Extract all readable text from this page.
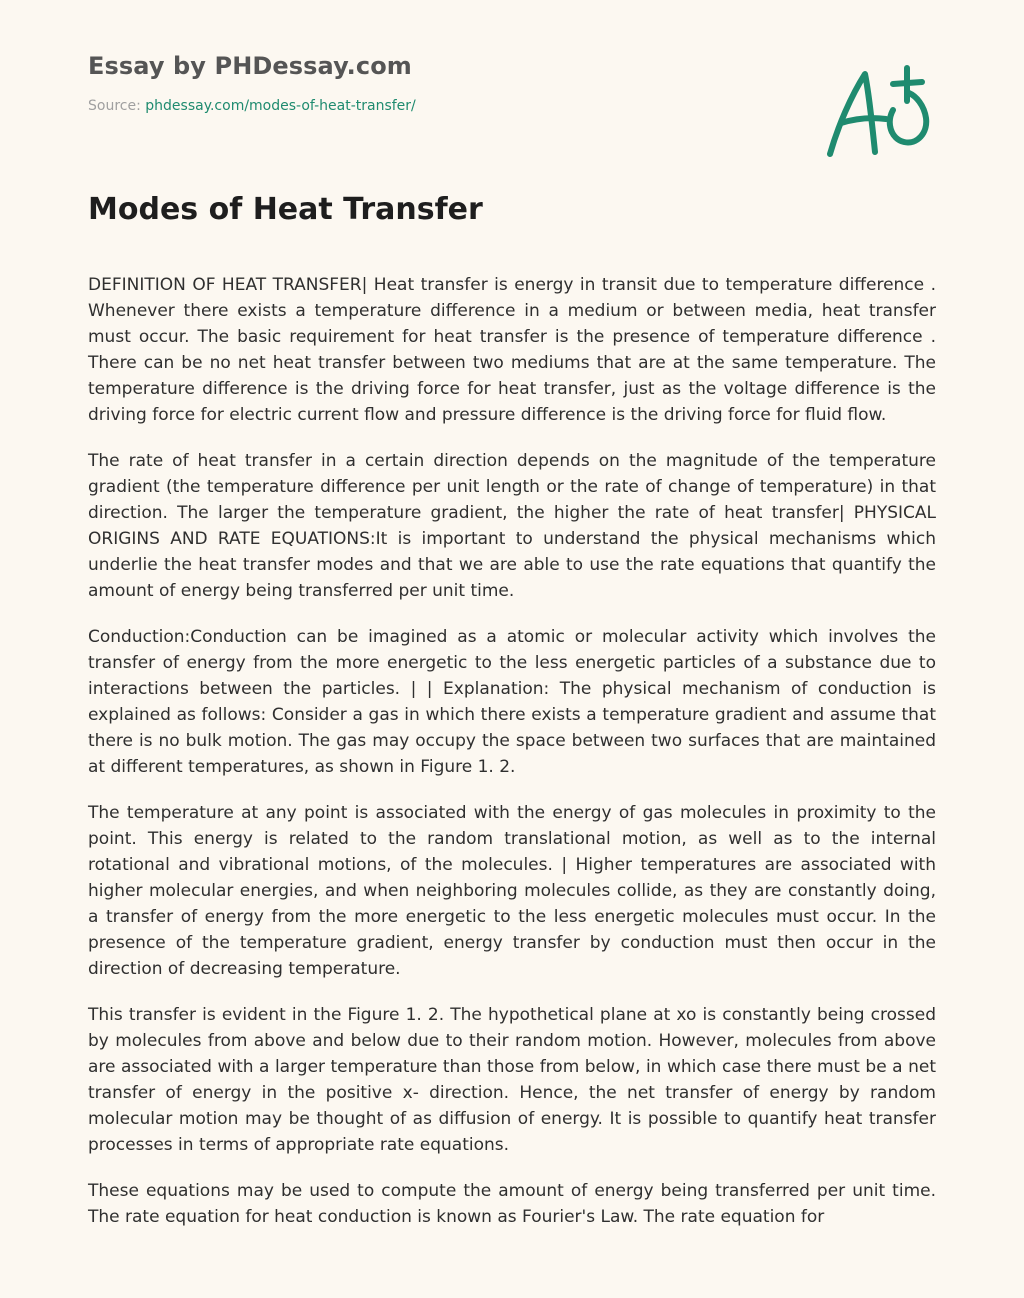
Essay by PHDessay.com
Source: phdessay.com/modes-of-heat-transfer/
Modes of Heat Transfer

DEFINITION OF HEAT TRANSFER| Heat transfer is energy in transit due to temperature difference . Whenever there exists a temperature difference in a medium or between media, heat transfer must occur. The basic requirement for heat transfer is the presence of temperature difference . There can be no net heat transfer between two mediums that are at the same temperature. The temperature difference is the driving force for heat transfer, just as the voltage difference is the driving force for electric current flow and pressure difference is the driving force for fluid flow.

The rate of heat transfer in a certain direction depends on the magnitude of the temperature gradient (the temperature difference per unit length or the rate of change of temperature) in that direction. The larger the temperature gradient, the higher the rate of heat transfer| PHYSICAL ORIGINS AND RATE EQUATIONS:It is important to understand the physical mechanisms which underlie the heat transfer modes and that we are able to use the rate equations that quantify the amount of energy being transferred per unit time.

Conduction:Conduction can be imagined as a atomic or molecular activity which involves the transfer of energy from the more energetic to the less energetic particles of a substance due to interactions between the particles. | | Explanation: The physical mechanism of conduction is explained as follows: Consider a gas in which there exists a temperature gradient and assume that there is no bulk motion. The gas may occupy the space between two surfaces that are maintained at different temperatures, as shown in Figure 1. 2.

The temperature at any point is associated with the energy of gas molecules in proximity to the point. This energy is related to the random translational motion, as well as to the internal rotational and vibrational motions, of the molecules. | Higher temperatures are associated with higher molecular energies, and when neighboring molecules collide, as they are constantly doing, a transfer of energy from the more energetic to the less energetic molecules must occur. In the presence of the temperature gradient, energy transfer by conduction must then occur in the direction of decreasing temperature.

This transfer is evident in the Figure 1. 2. The hypothetical plane at xo is constantly being crossed by molecules from above and below due to their random motion. However, molecules from above are associated with a larger temperature than those from below, in which case there must be a net transfer of energy in the positive x- direction. Hence, the net transfer of energy by random molecular motion may be thought of as diffusion of energy. It is possible to quantify heat transfer processes in terms of appropriate rate equations.

These equations may be used to compute the amount of energy being transferred per unit time. The rate equation for heat conduction is known as Fourier's Law. The rate equation for
